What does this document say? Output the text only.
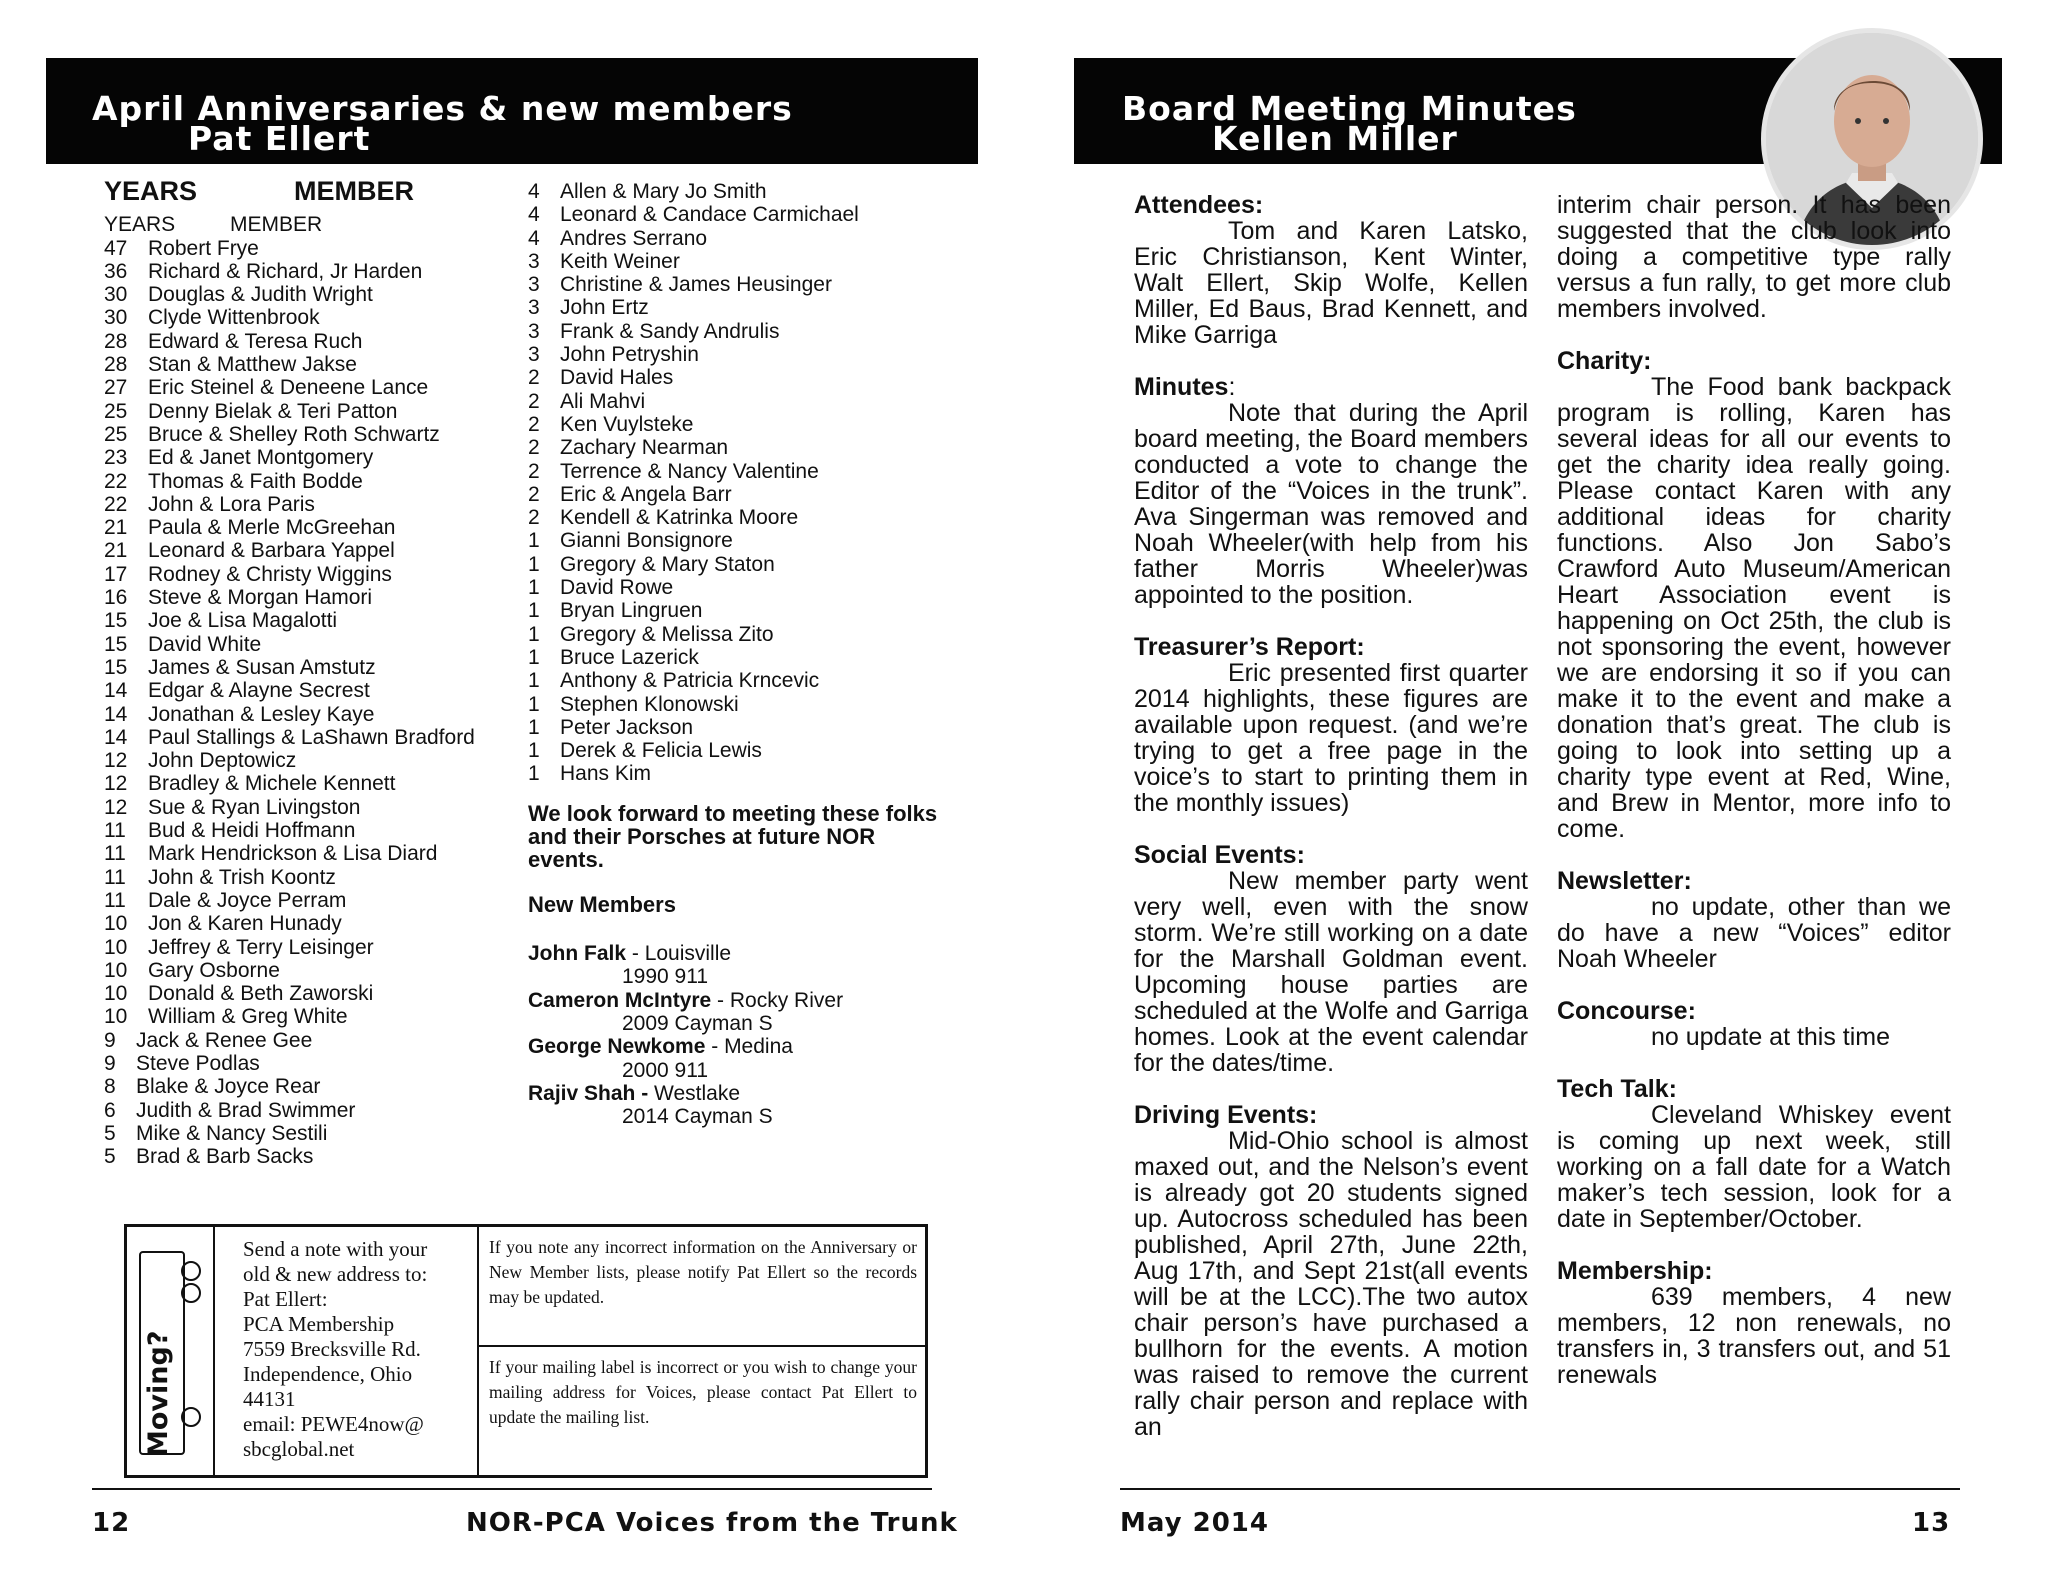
April Anniversaries & new members
Pat Ellert
YEARS	MEMBER
YEARS	MEMBER
47 Robert Frye
36 Richard & Richard, Jr Harden
30 Douglas & Judith Wright
30 Clyde Wittenbrook
28 Edward & Teresa Ruch
28 Stan & Matthew Jakse
27 Eric Steinel & Deneene Lance
25 Denny Bielak & Teri Patton
25 Bruce & Shelley Roth Schwartz
23 Ed & Janet Montgomery
22 Thomas & Faith Bodde
22 John & Lora Paris
21 Paula & Merle McGreehan
21 Leonard & Barbara Yappel
17 Rodney & Christy Wiggins
16 Steve & Morgan Hamori
15 Joe & Lisa Magalotti
15 David White
15 James & Susan Amstutz
14 Edgar & Alayne Secrest
14 Jonathan & Lesley Kaye
14 Paul Stallings & LaShawn Bradford
12 John Deptowicz
12 Bradley & Michele Kennett
12 Sue & Ryan Livingston
11	Bud & Heidi Hoffmann
11	Mark Hendrickson & Lisa Diard
11	John & Trish Koontz
11	Dale & Joyce Perram
10 Jon & Karen Hunady
10 Jeffrey & Terry Leisinger
10 Gary Osborne
10 Donald & Beth Zaworski
10 William & Greg White
9 Jack & Renee Gee
9 Steve Podlas
8 Blake & Joyce Rear
6 Judith & Brad Swimmer
5 Mike & Nancy Sestili
5 Brad & Barb Sacks
4 Allen & Mary Jo Smith
4 Leonard & Candace Carmichael
4 Andres Serrano
3 Keith Weiner
3 Christine & James Heusinger
3 John Ertz
3 Frank & Sandy Andrulis
3 John Petryshin
2 David Hales
2 Ali Mahvi
2 Ken Vuylsteke
2 Zachary Nearman
2 Terrence & Nancy Valentine
2 Eric & Angela Barr
2 Kendell & Katrinka Moore
1 Gianni Bonsignore
1 Gregory & Mary Staton
1 David Rowe
1 Bryan Lingruen
1 Gregory & Melissa Zito
1 Bruce Lazerick
1 Anthony & Patricia Krncevic
1 Stephen Klonowski
1 Peter Jackson
1 Derek & Felicia Lewis
1 Hans Kim
We look forward to meeting these folks and their Porsches at future NOR events.
New Members
John Falk - Louisville
1990 911
Cameron McIntyre - Rocky River
2009 Cayman S
George Newkome - Medina
2000 911
Rajiv Shah - Westlake
2014 Cayman S
Moving?
Send a note with your
old & new address to:
Pat Ellert:
PCA Membership
7559 Brecksville Rd.
Independence, Ohio
44131
email: PEWE4now@
sbcglobal.net
If you note any incorrect information on the Anniversary or New Member lists, please notify Pat Ellert so the records may be updated.
If your mailing label is incorrect or you wish to change your mailing address for Voices, please contact Pat Ellert to update the mailing list.
12	NOR-PCA Voices from the Trunk
Board Meeting Minutes
Kellen Miller
Attendees:
Tom and Karen Latsko, Eric Christianson, Kent Winter, Walt Ellert, Skip Wolfe, Kellen Miller, Ed Baus, Brad Kennett, and Mike Garriga
Minutes:
Note that during the April board meeting, the Board members conducted a vote to change the Editor of the “Voices in the trunk”. Ava Singerman was removed and Noah Wheeler(with help from his father Morris Wheeler)was appointed to the position.
Treasurer’s Report:
Eric presented first quarter 2014 highlights, these figures are available upon request. (and we’re trying to get a free page in the voice’s to start to printing them in the monthly issues)
Social Events:
New member party went very well, even with the snow storm. We’re still working on a date for the Marshall Goldman event. Upcoming house parties are scheduled at the Wolfe and Garriga homes. Look at the event calendar for the dates/time.
Driving Events:
Mid-Ohio school is almost maxed out, and the Nelson’s event is already got 20 students signed up. Autocross scheduled has been published, April 27th, June 22th, Aug 17th, and Sept 21st(all events will be at the LCC).The two autox chair person’s have purchased a bullhorn for the events. A motion was raised to remove the current rally chair person and replace with an
interim chair person. It has been suggested that the club look into doing a competitive type rally versus a fun rally, to get more club members involved.
Charity:
The Food bank backpack program is rolling, Karen has several ideas for all our events to get the charity idea really going. Please contact Karen with any additional ideas for charity functions. Also Jon Sabo’s Crawford Auto Museum/American Heart Association event is happening on Oct 25th, the club is not sponsoring the event, however we are endorsing it so if you can make it to the event and make a donation that’s great. The club is going to look into setting up a charity type event at Red, Wine, and Brew in Mentor, more info to come.
Newsletter:
no update, other than we do have a new “Voices” editor Noah Wheeler
Concourse:
no update at this time
Tech Talk:
Cleveland Whiskey event is coming up next week, still working on a fall date for a Watch maker’s tech session, look for a date in September/October.
Membership:
639 members, 4 new members, 12 non renewals, no transfers in, 3 transfers out, and 51 renewals
May 2014	13
